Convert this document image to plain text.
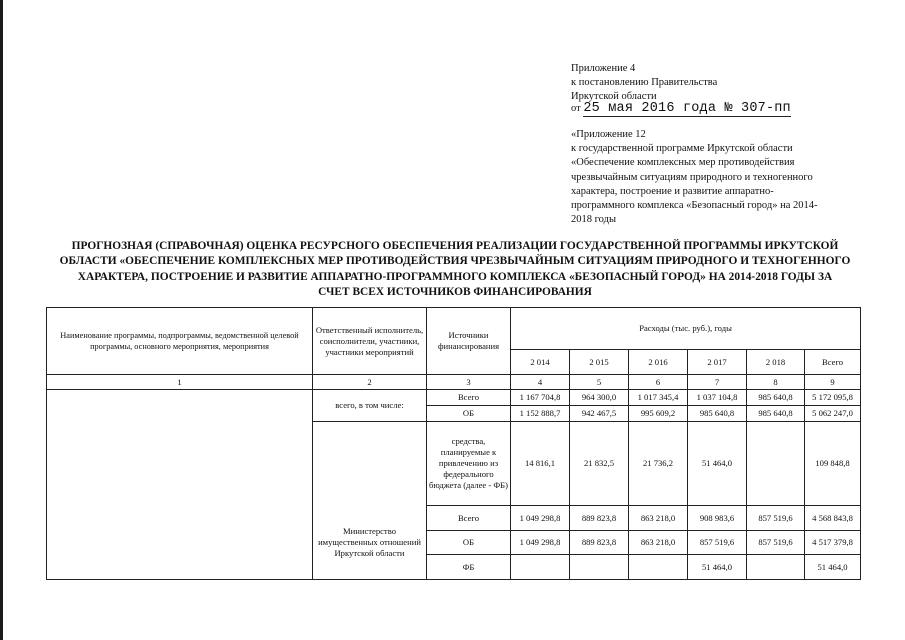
Приложение 4
к постановлению Правительства
Иркутской области
от 25 мая 2016 года № 307-пп
«Приложение 12
к государственной программе Иркутской области
«Обеспечение комплексных мер противодействия
чрезвычайным ситуациям природного и техногенного
характера, построение и развитие аппаратно-
программного комплекса «Безопасный город» на 2014-
2018 годы
ПРОГНОЗНАЯ (СПРАВОЧНАЯ) ОЦЕНКА РЕСУРСНОГО ОБЕСПЕЧЕНИЯ РЕАЛИЗАЦИИ ГОСУДАРСТВЕННОЙ ПРОГРАММЫ ИРКУТСКОЙ
ОБЛАСТИ «ОБЕСПЕЧЕНИЕ КОМПЛЕКСНЫХ МЕР ПРОТИВОДЕЙСТВИЯ ЧРЕЗВЫЧАЙНЫМ СИТУАЦИЯМ ПРИРОДНОГО И ТЕХНОГЕННОГО
ХАРАКТЕРА, ПОСТРОЕНИЕ И РАЗВИТИЕ АППАРАТНО-ПРОГРАММНОГО КОМПЛЕКСА «БЕЗОПАСНЫЙ ГОРОД» НА 2014-2018 ГОДЫ ЗА
СЧЕТ ВСЕХ ИСТОЧНИКОВ ФИНАНСИРОВАНИЯ
Наименование программы, подпрограммы, ведомственной целевой программы, основного мероприятия, мероприятия	Ответственный исполнитель, соисполнители, участники, участники мероприятий	Источники финансирования	Расходы (тыс. руб.), годы					
			2 014	2 015	2 016	2 017	2 018	Всего
1	2	3	4	5	6	7	8	9
	всего, в том числе:	Всего	1 167 704,8	964 300,0	1 017 345,4	1 037 104,8	985 640,8	5 172 095,8
		ОБ	1 152 888,7	942 467,5	995 609,2	985 640,8	985 640,8	5 062 247,0
		средства, планируемые к привлечению из федерального бюджета (далее - ФБ)	14 816,1	21 832,5	21 736,2	51 464,0		109 848,8
	Министерство имущественных отношений Иркутской области	Всего	1 049 298,8	889 823,8	863 218,0	908 983,6	857 519,6	4 568 843,8
		ОБ	1 049 298,8	889 823,8	863 218,0	857 519,6	857 519,6	4 517 379,8
		ФБ				51 464,0		51 464,0
